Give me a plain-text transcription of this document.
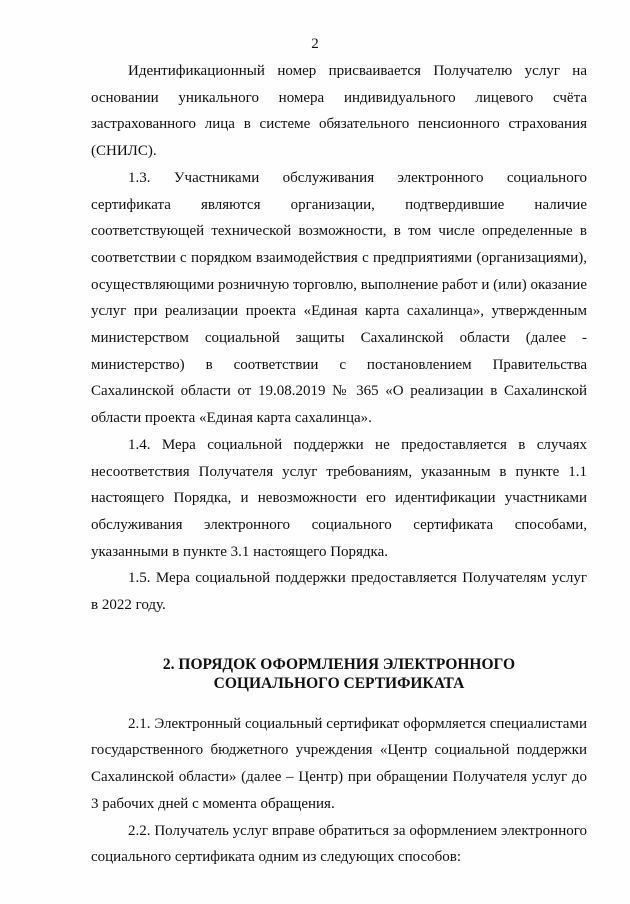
2

Идентификационный номер присваивается Получателю услуг на основании уникального номера индивидуального лицевого счёта застрахованного лица в системе обязательного пенсионного страхования (СНИЛС).

1.3. Участниками обслуживания электронного социального сертификата являются организации, подтвердившие наличие соответствующей технической возможности, в том числе определенные в соответствии с порядком взаимодействия с предприятиями (организациями), осуществляющими розничную торговлю, выполнение работ и (или) оказание услуг при реализации проекта «Единая карта сахалинца», утвержденным министерством социальной защиты Сахалинской области (далее - министерство) в соответствии с постановлением Правительства Сахалинской области от 19.08.2019 № 365 «О реализации в Сахалинской области проекта «Единая карта сахалинца».

1.4. Мера социальной поддержки не предоставляется в случаях несоответствия Получателя услуг требованиям, указанным в пункте 1.1 настоящего Порядка, и невозможности его идентификации участниками обслуживания электронного социального сертификата способами, указанными в пункте 3.1 настоящего Порядка.

1.5. Мера социальной поддержки предоставляется Получателям услуг в 2022 году.

2. ПОРЯДОК ОФОРМЛЕНИЯ ЭЛЕКТРОННОГО
СОЦИАЛЬНОГО СЕРТИФИКАТА

2.1. Электронный социальный сертификат оформляется специалистами государственного бюджетного учреждения «Центр социальной поддержки Сахалинской области» (далее – Центр) при обращении Получателя услуг до 3 рабочих дней с момента обращения.

2.2. Получатель услуг вправе обратиться за оформлением электронного социального сертификата одним из следующих способов:
